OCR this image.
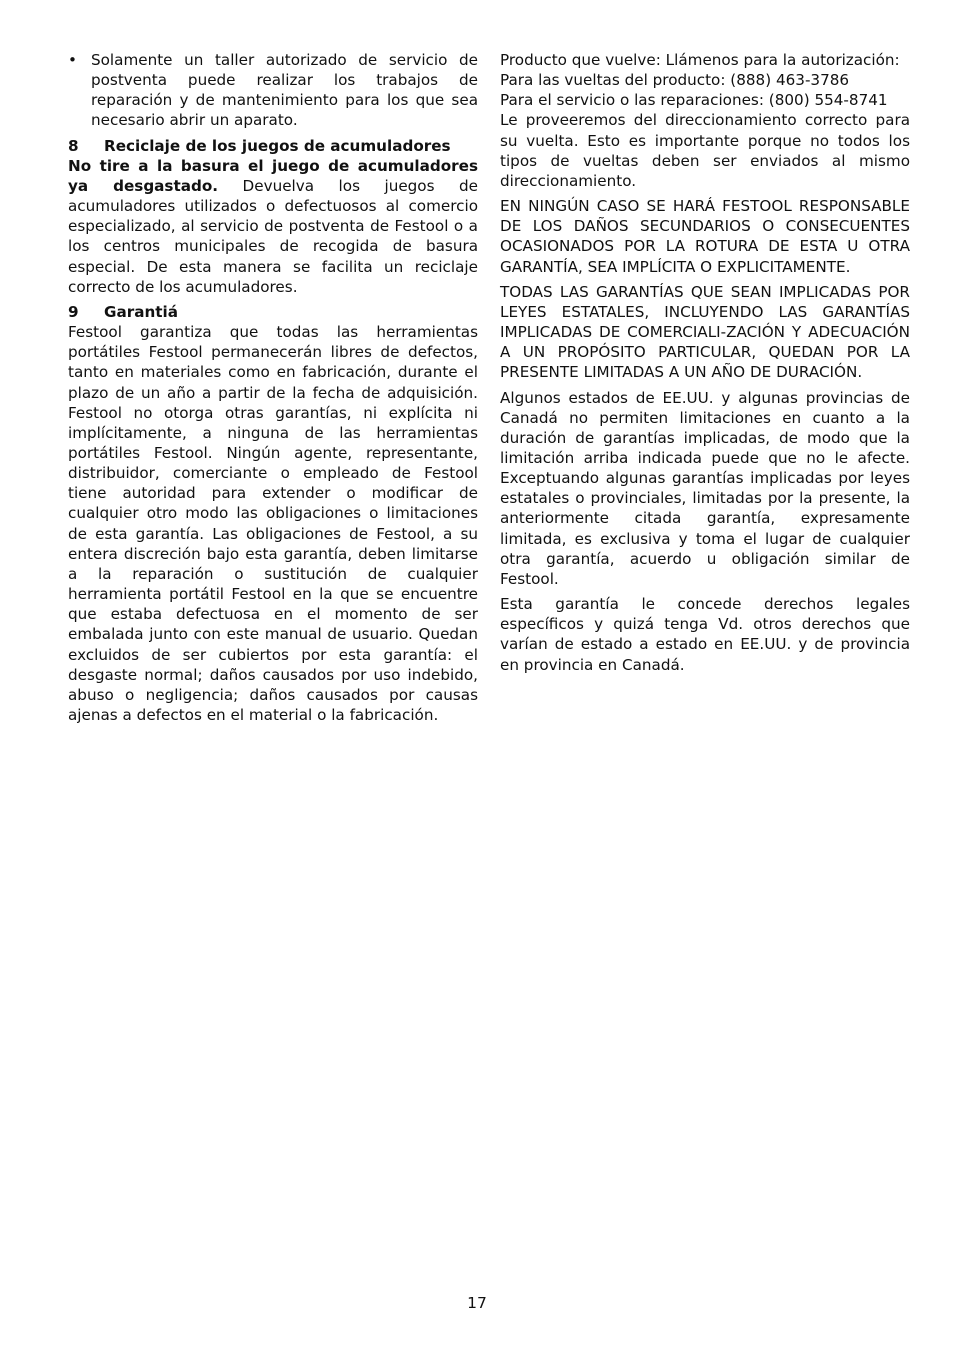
• Solamente un taller autorizado de servicio de postventa puede realizar los trabajos de reparación y de mantenimiento para los que sea necesario abrir un aparato.
8 Reciclaje de los juegos de acumuladores

No tire a la basura el juego de acumuladores ya desgastado. Devuelva los juegos de acumuladores utilizados o defectuosos al comercio especializado, al servicio de postventa de Festool o a los centros municipales de recogida de basura especial. De esta manera se facilita un reciclaje correcto de los acumuladores.

9 Garantiá

Festool garantiza que todas las herramientas portátiles Festool permanecerán libres de defectos, tanto en materiales como en fabricación, durante el plazo de un año a partir de la fecha de adquisición. Festool no otorga otras garantías, ni explícita ni implícitamente, a ninguna de las herramientas portátiles Festool. Ningún agente, representante, distribuidor, comerciante o empleado de Festool tiene autoridad para extender o modificar de cualquier otro modo las obligaciones o limitaciones de esta garantía. Las obligaciones de Festool, a su entera discreción bajo esta garantía, deben limitarse a la reparación o sustitución de cualquier herramienta portátil Festool en la que se encuentre que estaba defectuosa en el momento de ser embalada junto con este manual de usuario. Quedan excluidos de ser cubiertos por esta garantía: el desgaste normal; daños causados por uso indebido, abuso o negligencia; daños causados por causas ajenas a defectos en el material o la fabricación.

Producto que vuelve: Llámenos para la autorización:

Para las vueltas del producto: (888) 463-3786

Para el servicio o las reparaciones: (800) 554-8741

Le proveeremos del direccionamiento correcto para su vuelta. Esto es importante porque no todos los tipos de vueltas deben ser enviados al mismo direccionamiento.

EN NINGÚN CASO SE HARÁ FESTOOL RESPONSABLE DE LOS DAÑOS SECUNDARIOS O CONSECUENTES OCASIONADOS POR LA ROTURA DE ESTA U OTRA GARANTÍA, SEA IMPLÍCITA O EXPLICITAMENTE.

TODAS LAS GARANTÍAS QUE SEAN IMPLICADAS POR LEYES ESTATALES, INCLUYENDO LAS GARANTÍAS IMPLICADAS DE COMERCIALI-ZACIÓN Y ADECUACIÓN A UN PROPÓSITO PARTICULAR, QUEDAN POR LA PRESENTE LIMITADAS A UN AÑO DE DURACIÓN.

Algunos estados de EE.UU. y algunas provincias de Canadá no permiten limitaciones en cuanto a la duración de garantías implicadas, de modo que la limitación arriba indicada puede que no le afecte. Exceptuando algunas garantías implicadas por leyes estatales o provinciales, limitadas por la presente, la anteriormente citada garantía, expresamente limitada, es exclusiva y toma el lugar de cualquier otra garantía, acuerdo u obligación similar de Festool.

Esta garantía le concede derechos legales específicos y quizá tenga Vd. otros derechos que varían de estado a estado en EE.UU. y de provincia en provincia en Canadá.

17
